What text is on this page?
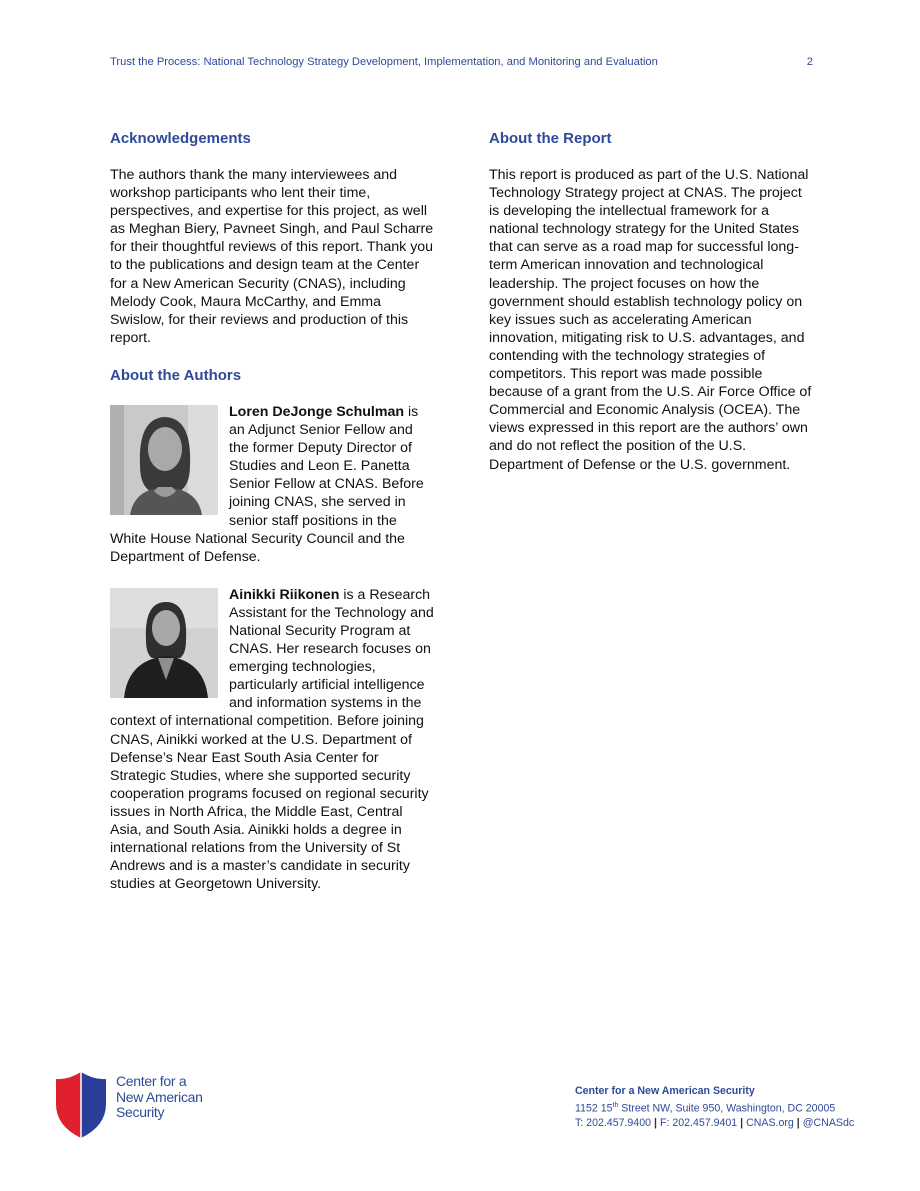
Trust the Process: National Technology Strategy Development, Implementation, and Monitoring and Evaluation	2
Acknowledgements

The authors thank the many interviewees and workshop participants who lent their time, perspectives, and expertise for this project, as well as Meghan Biery, Pavneet Singh, and Paul Scharre for their thoughtful reviews of this report. Thank you to the publications and design team at the Center for a New American Security (CNAS), including Melody Cook, Maura McCarthy, and Emma Swislow, for their reviews and production of this report.

About the Authors
Loren DeJonge Schulman is an Adjunct Senior Fellow and the former Deputy Director of Studies and Leon E. Panetta Senior Fellow at CNAS. Before joining CNAS, she served in senior staff positions in the White House National Security Council and the Department of Defense.
Ainikki Riikonen is a Research Assistant for the Technology and National Security Program at CNAS. Her research focuses on emerging technologies, particularly artificial intelligence and information systems in the context of international competition. Before joining CNAS, Ainikki worked at the U.S. Department of Defense’s Near East South Asia Center for Strategic Studies, where she supported security cooperation programs focused on regional security issues in North Africa, the Middle East, Central Asia, and South Asia. Ainikki holds a degree in international relations from the University of St Andrews and is a master’s candidate in security studies at Georgetown University.
About the Report

This report is produced as part of the U.S. National Technology Strategy project at CNAS. The project is developing the intellectual framework for a national technology strategy for the United States that can serve as a road map for successful long-term American innovation and technological leadership. The project focuses on how the government should establish technology policy on key issues such as accelerating American innovation, mitigating risk to U.S. advantages, and contending with the technology strategies of competitors. This report was made possible because of a grant from the U.S. Air Force Office of Commercial and Economic Analysis (OCEA). The views expressed in this report are the authors’ own and do not reflect the position of the U.S. Department of Defense or the U.S. government.

Center for a
New American
Security
Center for a New American Security
1152 15th Street NW, Suite 950, Washington, DC 20005
T: 202.457.9400 | F: 202.457.9401 | CNAS.org | @CNASdc
